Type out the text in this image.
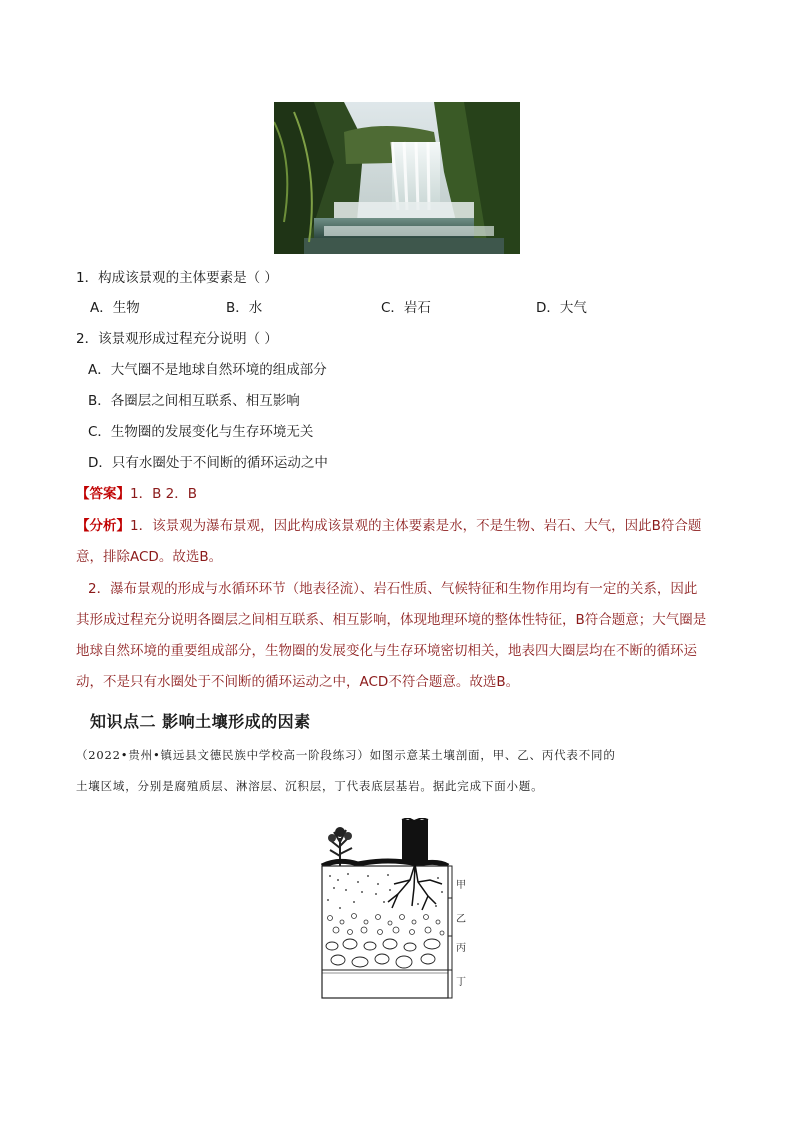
1．构成该景观的主体要素是（ ）
A．生物	B．水	C．岩石	D．大气
2．该景观形成过程充分说明（ ）
A．大气圈不是地球自然环境的组成部分
B．各圈层之间相互联系、相互影响
C．生物圈的发展变化与生存环境无关
D．只有水圈处于不间断的循环运动之中
【答案】1．B 2．B
【分析】1．该景观为瀑布景观，因此构成该景观的主体要素是水，不是生物、岩石、大气，因此B符合题
意，排除ACD。故选B。
2．瀑布景观的形成与水循环环节（地表径流）、岩石性质、气候特征和生物作用均有一定的关系，因此
其形成过程充分说明各圈层之间相互联系、相互影响，体现地理环境的整体性特征，B符合题意；大气圈是
地球自然环境的重要组成部分，生物圈的发展变化与生存环境密切相关，地表四大圈层均在不断的循环运
动，不是只有水圈处于不间断的循环运动之中，ACD不符合题意。故选B。
知识点二 影响土壤形成的因素
（2022•贵州•镇远县文德民族中学校高一阶段练习）如图示意某土壤剖面，甲、乙、丙代表不同的
土壤区域，分别是腐殖质层、淋溶层、沉积层，丁代表底层基岩。据此完成下面小题。
甲
乙
丙
丁
